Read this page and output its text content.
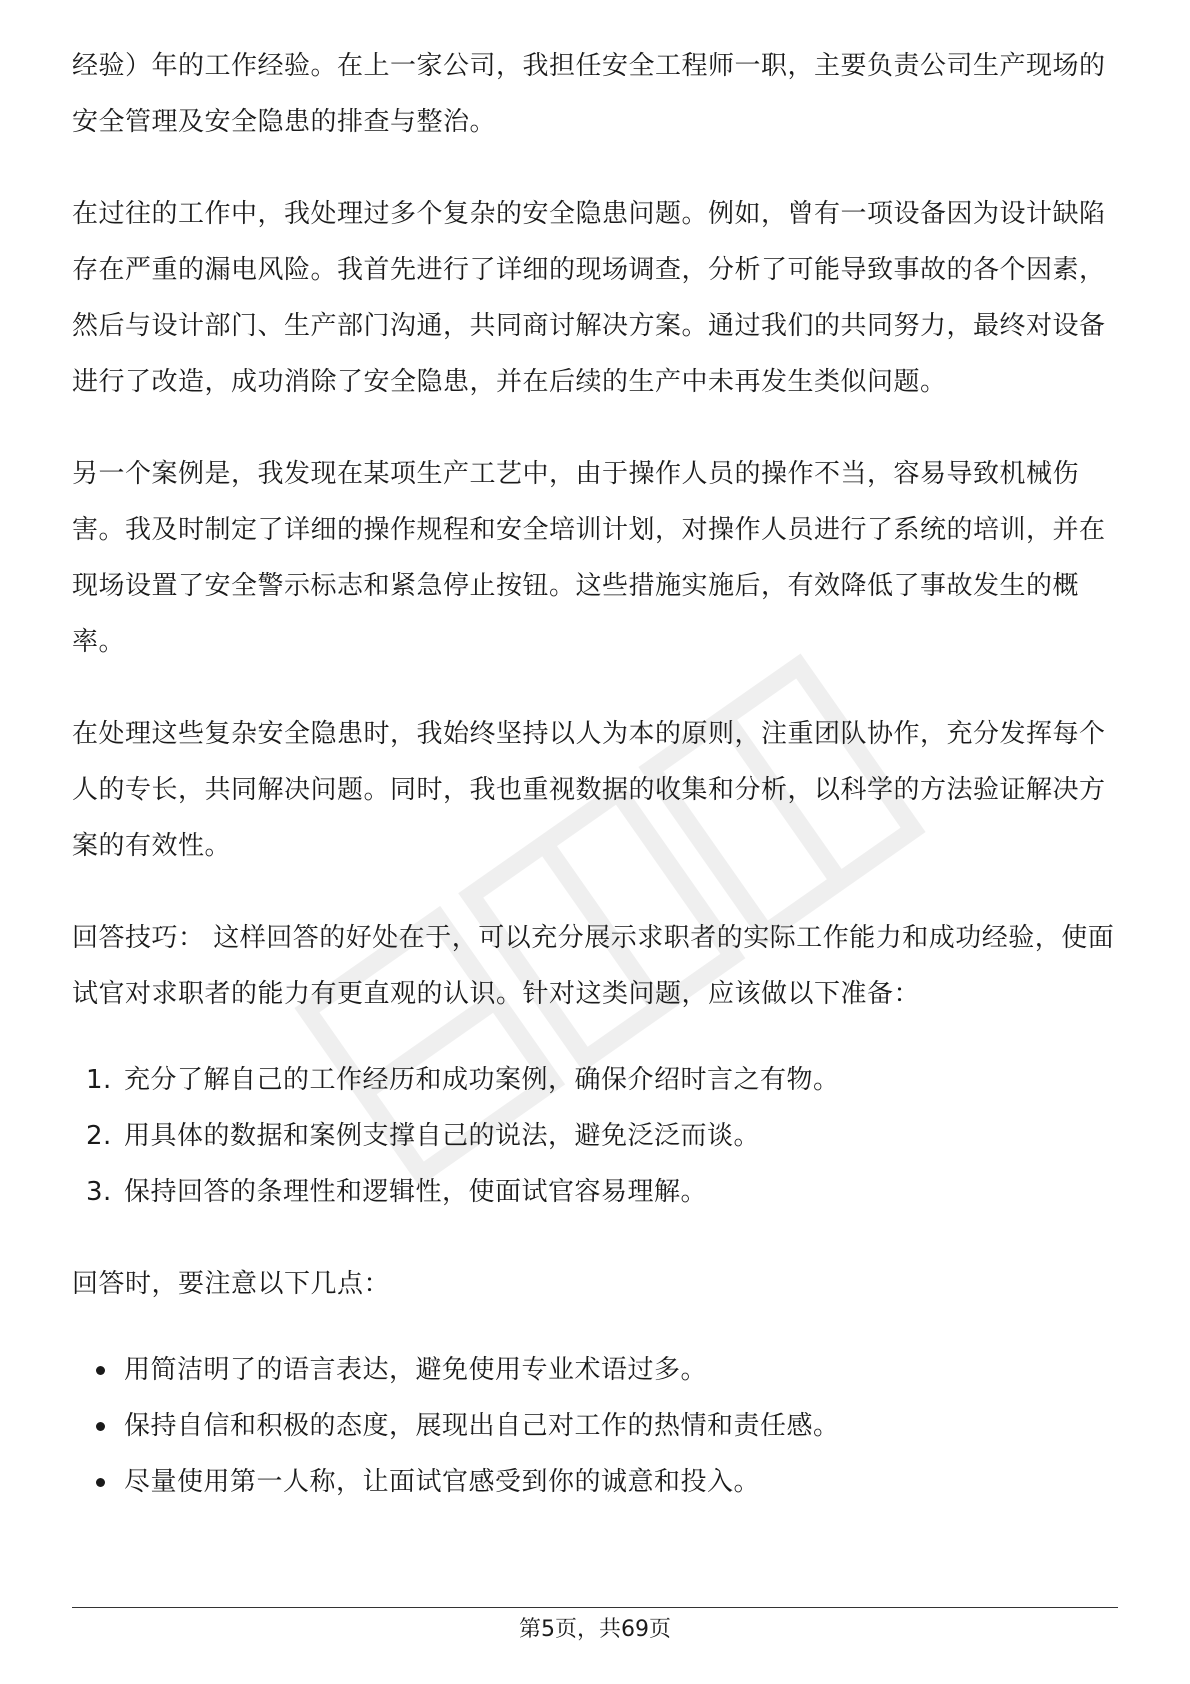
经验）年的工作经验。在上一家公司，我担任安全工程师一职，主要负责公司生产现场的安全管理及安全隐患的排查与整治。

在过往的工作中，我处理过多个复杂的安全隐患问题。例如，曾有一项设备因为设计缺陷存在严重的漏电风险。我首先进行了详细的现场调查，分析了可能导致事故的各个因素，然后与设计部门、生产部门沟通，共同商讨解决方案。通过我们的共同努力，最终对设备进行了改造，成功消除了安全隐患，并在后续的生产中未再发生类似问题。

另一个案例是，我发现在某项生产工艺中，由于操作人员的操作不当，容易导致机械伤害。我及时制定了详细的操作规程和安全培训计划，对操作人员进行了系统的培训，并在现场设置了安全警示标志和紧急停止按钮。这些措施实施后，有效降低了事故发生的概率。

在处理这些复杂安全隐患时，我始终坚持以人为本的原则，注重团队协作，充分发挥每个人的专长，共同解决问题。同时，我也重视数据的收集和分析，以科学的方法验证解决方案的有效性。

回答技巧： 这样回答的好处在于，可以充分展示求职者的实际工作能力和成功经验，使面试官对求职者的能力有更直观的认识。针对这类问题，应该做以下准备：

1. 充分了解自己的工作经历和成功案例，确保介绍时言之有物。
2. 用具体的数据和案例支撑自己的说法，避免泛泛而谈。
3. 保持回答的条理性和逻辑性，使面试官容易理解。

回答时，要注意以下几点：

用简洁明了的语言表达，避免使用专业术语过多。
保持自信和积极的态度，展现出自己对工作的热情和责任感。
尽量使用第一人称，让面试官感受到你的诚意和投入。
第5页，共69页
